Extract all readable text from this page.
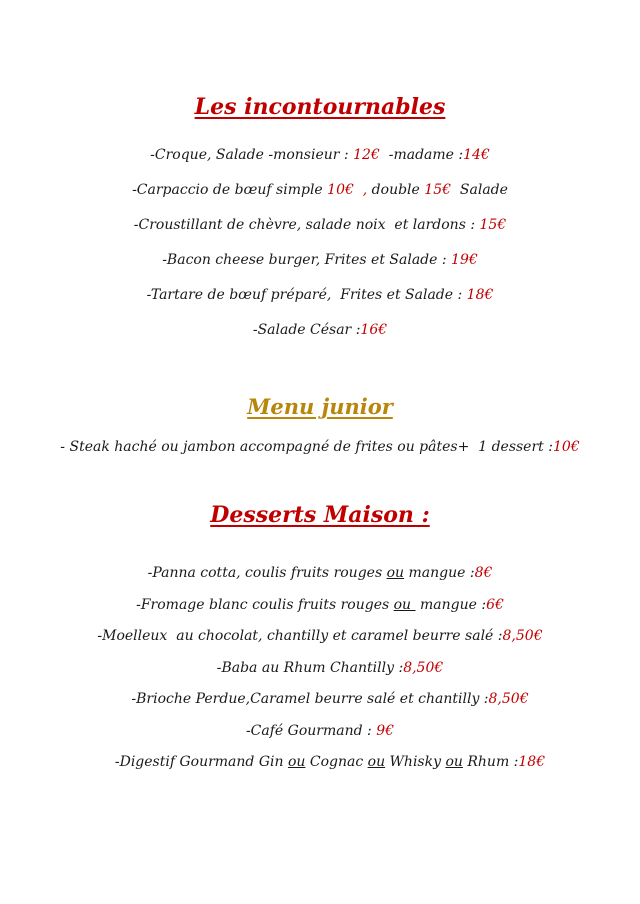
Les incontournables
Menu junior
Desserts Maison :
-Croque, Salade -monsieur : 12€  -madame :14€
-Carpaccio de bœuf simple 10€  , double 15€  Salade
-Croustillant de chèvre, salade noix  et lardons : 15€
-Bacon cheese burger, Frites et Salade : 19€
-Tartare de bœuf préparé,  Frites et Salade : 18€
-Salade César :16€
- Steak haché ou jambon accompagné de frites ou pâtes+  1 dessert :10€
-Panna cotta, coulis fruits rouges ou mangue :8€
-Fromage blanc coulis fruits rouges ou  mangue :6€
-Moelleux  au chocolat, chantilly et caramel beurre salé :8,50€
-Baba au Rhum Chantilly :8,50€
-Brioche Perdue,Caramel beurre salé et chantilly :8,50€
-Café Gourmand : 9€
-Digestif Gourmand Gin ou Cognac ou Whisky ou Rhum :18€
